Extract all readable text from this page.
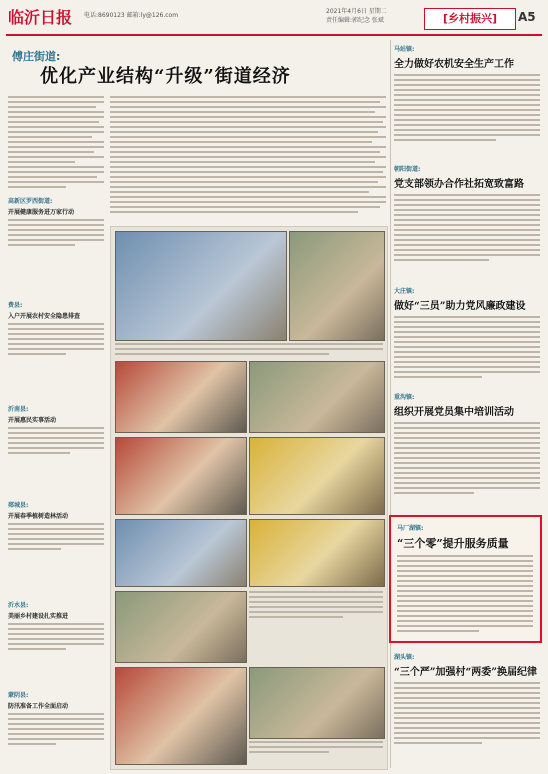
临沂日报	电话:8690123 邮箱:ly@126.com
2021年4月6日 星期二
责任编辑:郭纪念 张斌	[乡村振兴]	A5
傅庄街道:
优化产业结构“升级”街道经济
高新区罗西街道:
开展健康服务进万家行动
费县:
入户开展农村安全隐患排查
沂南县:
开展惠民实事活动
郯城县:
开展春季植树造林活动
沂水县:
美丽乡村建设扎实推进
蒙阴县:
防汛准备工作全面启动
马站镇:
全力做好农机安全生产工作
朝阳街道:
党支部领办合作社拓宽致富路
大庄镇:
做好“三员”助力党风廉政建设
重沟镇:
组织开展党员集中培训活动
马厂湖镇:
“三个零”提升服务质量
湖头镇:
“三个严”加强村“两委”换届纪律
